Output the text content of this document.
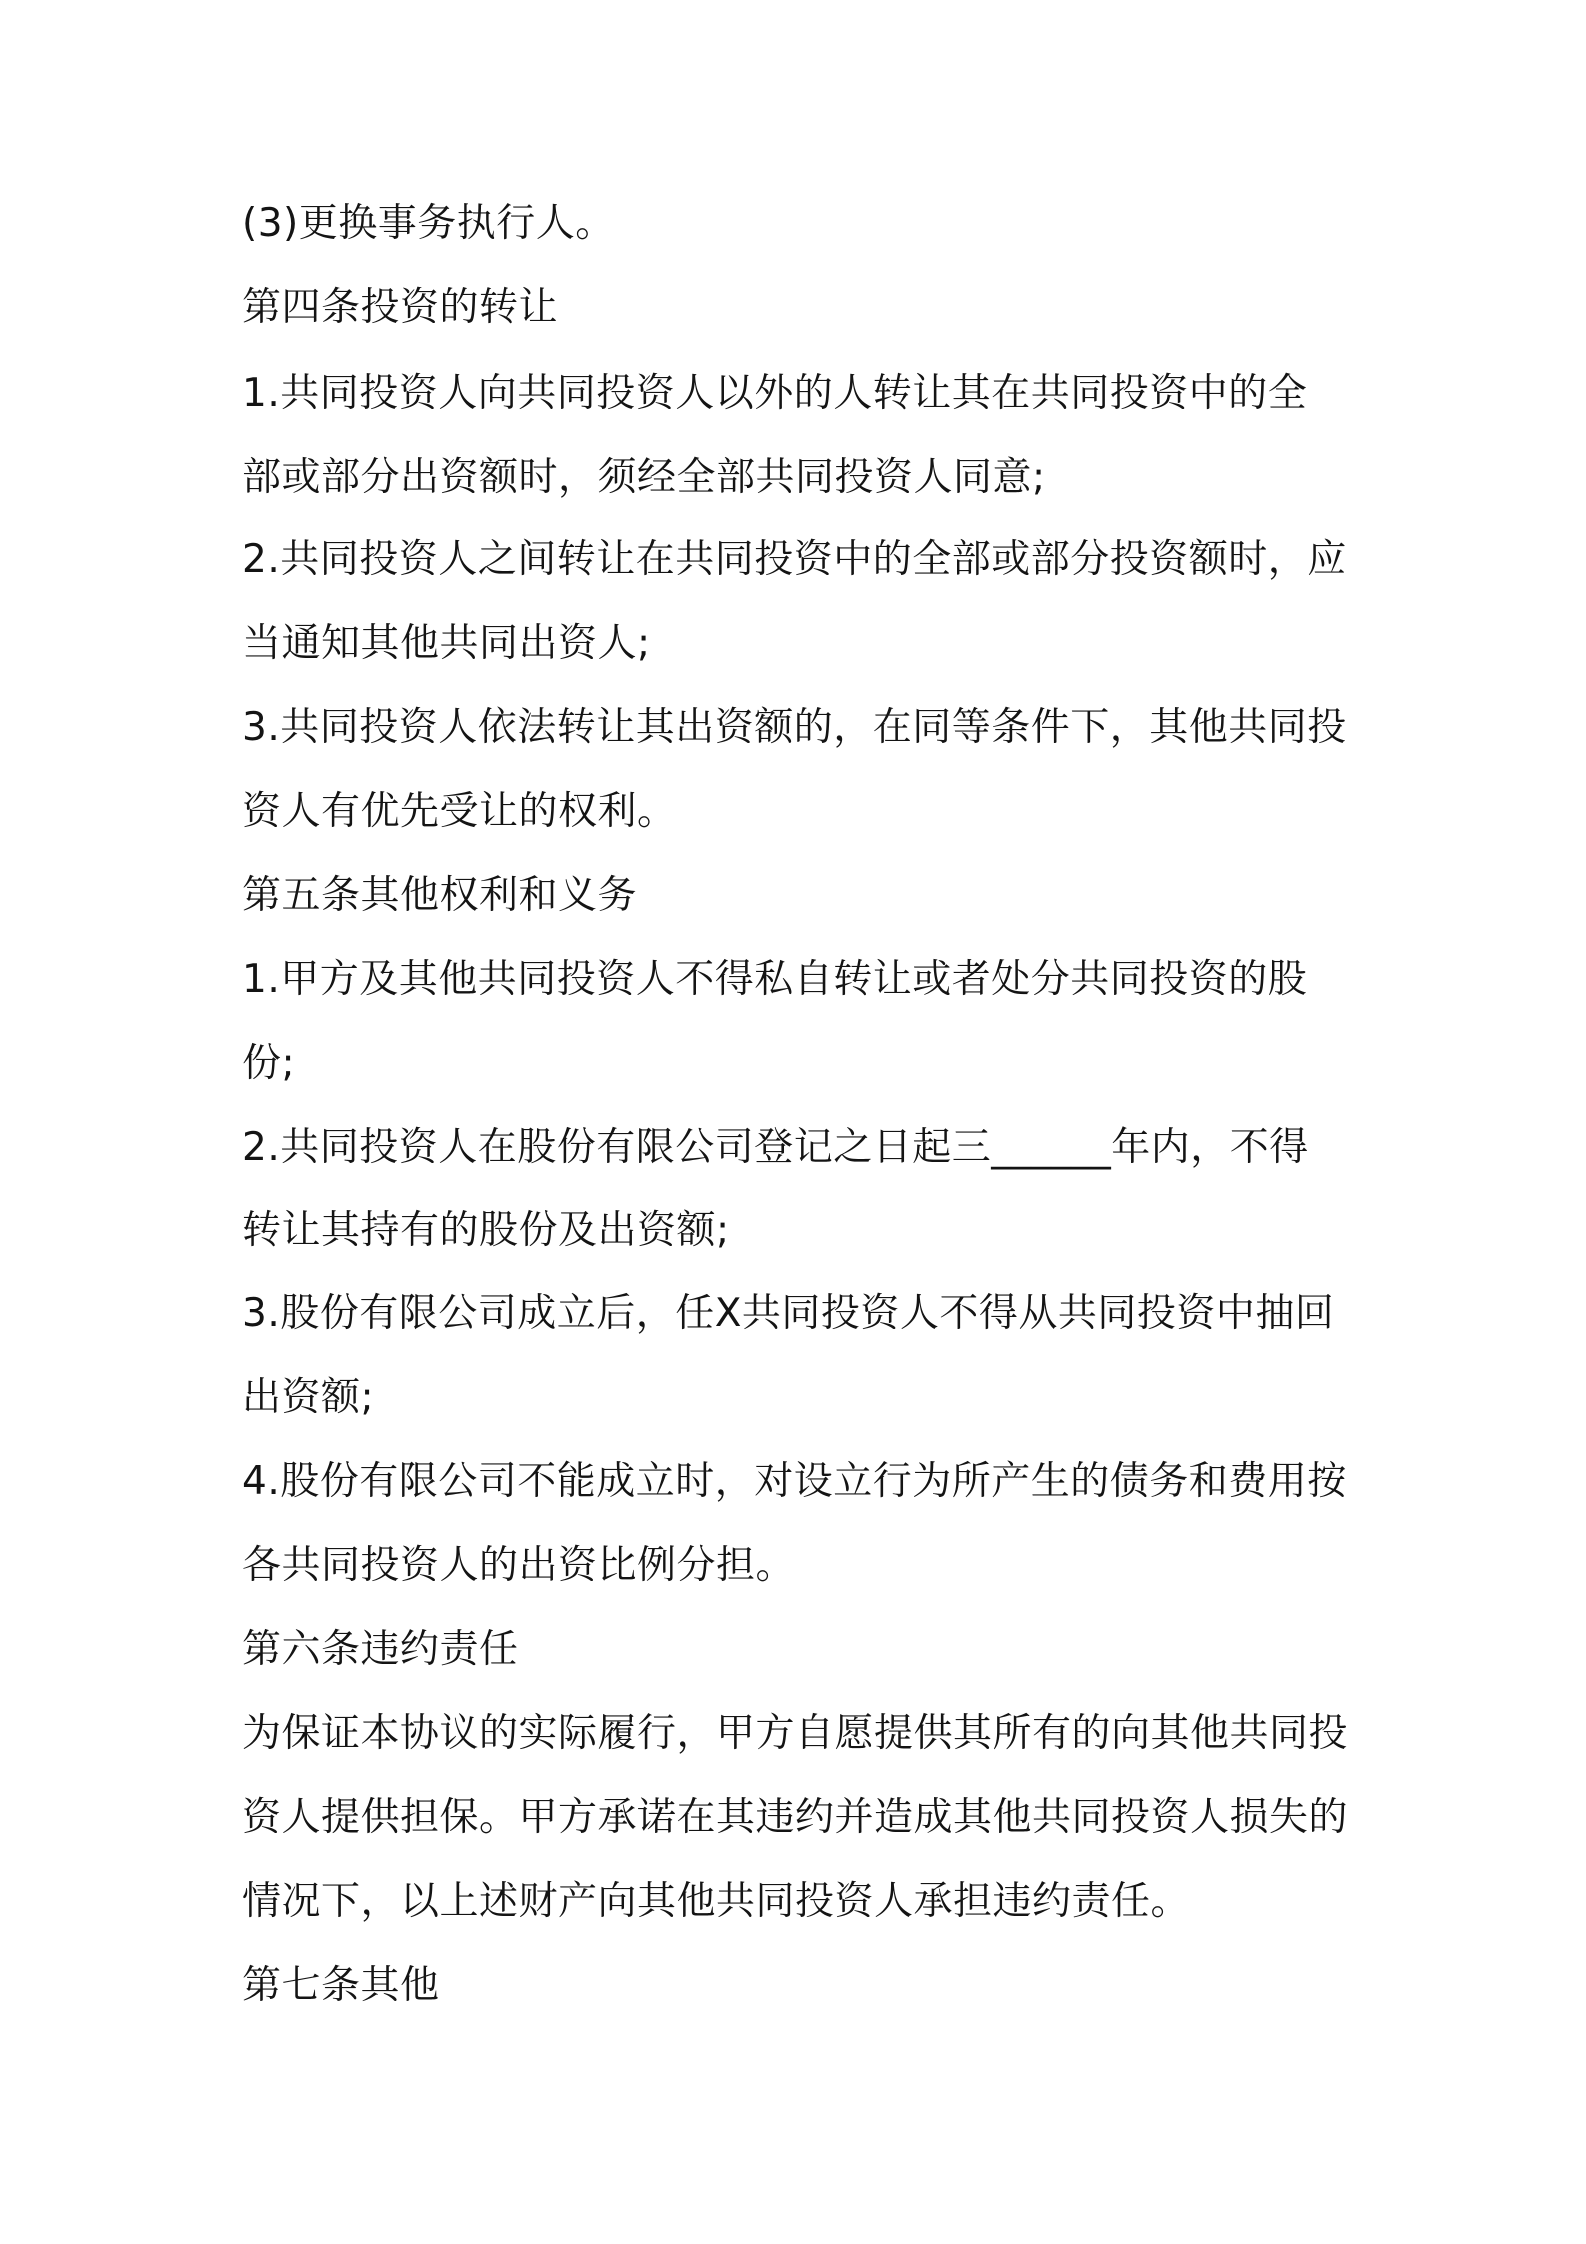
(3)更换事务执行人。

第四条投资的转让

1.共同投资人向共同投资人以外的人转让其在共同投资中的全

部或部分出资额时，须经全部共同投资人同意;

2.共同投资人之间转让在共同投资中的全部或部分投资额时，应

当通知其他共同出资人;

3.共同投资人依法转让其出资额的，在同等条件下，其他共同投

资人有优先受让的权利。

第五条其他权利和义务

1.甲方及其他共同投资人不得私自转让或者处分共同投资的股

份;

2.共同投资人在股份有限公司登记之日起三______年内，不得

转让其持有的股份及出资额;

3.股份有限公司成立后，任X共同投资人不得从共同投资中抽回

出资额;

4.股份有限公司不能成立时，对设立行为所产生的债务和费用按

各共同投资人的出资比例分担。

第六条违约责任

为保证本协议的实际履行，甲方自愿提供其所有的向其他共同投

资人提供担保。甲方承诺在其违约并造成其他共同投资人损失的

情况下，以上述财产向其他共同投资人承担违约责任。

第七条其他
